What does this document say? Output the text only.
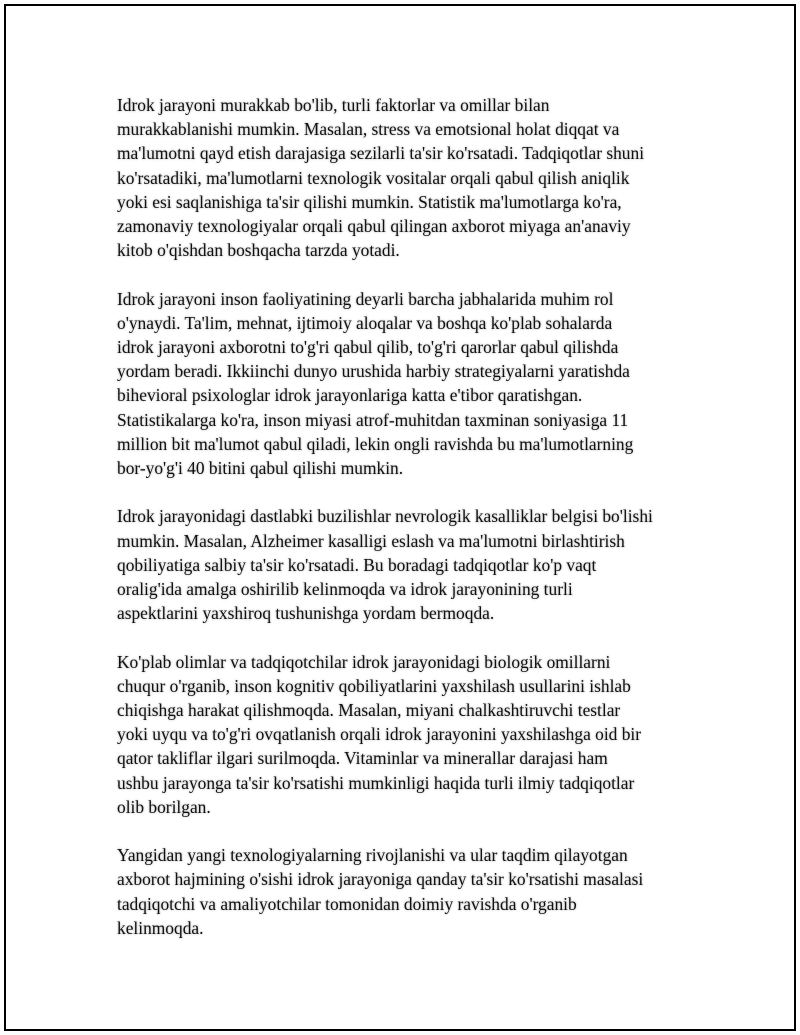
Idrok jarayoni murakkab bo'lib, turli faktorlar va omillar bilan
murakkablanishi mumkin. Masalan, stress va emotsional holat diqqat va
ma'lumotni qayd etish darajasiga sezilarli ta'sir ko'rsatadi. Tadqiqotlar shuni
ko'rsatadiki, ma'lumotlarni texnologik vositalar orqali qabul qilish aniqlik
yoki esi saqlanishiga ta'sir qilishi mumkin. Statistik ma'lumotlarga ko'ra,
zamonaviy texnologiyalar orqali qabul qilingan axborot miyaga an'anaviy
kitob o'qishdan boshqacha tarzda yotadi.

Idrok jarayoni inson faoliyatining deyarli barcha jabhalarida muhim rol
o'ynaydi. Ta'lim, mehnat, ijtimoiy aloqalar va boshqa ko'plab sohalarda
idrok jarayoni axborotni to'g'ri qabul qilib, to'g'ri qarorlar qabul qilishda
yordam beradi. Ikkiinchi dunyo urushida harbiy strategiyalarni yaratishda
bihevioral psixologlar idrok jarayonlariga katta e'tibor qaratishgan.
Statistikalarga ko'ra, inson miyasi atrof-muhitdan taxminan soniyasiga 11
million bit ma'lumot qabul qiladi, lekin ongli ravishda bu ma'lumotlarning
bor-yo'g'i 40 bitini qabul qilishi mumkin.

Idrok jarayonidagi dastlabki buzilishlar nevrologik kasalliklar belgisi bo'lishi
mumkin. Masalan, Alzheimer kasalligi eslash va ma'lumotni birlashtirish
qobiliyatiga salbiy ta'sir ko'rsatadi. Bu boradagi tadqiqotlar ko'p vaqt
oralig'ida amalga oshirilib kelinmoqda va idrok jarayonining turli
aspektlarini yaxshiroq tushunishga yordam bermoqda.

Ko'plab olimlar va tadqiqotchilar idrok jarayonidagi biologik omillarni
chuqur o'rganib, inson kognitiv qobiliyatlarini yaxshilash usullarini ishlab
chiqishga harakat qilishmoqda. Masalan, miyani chalkashtiruvchi testlar
yoki uyqu va to'g'ri ovqatlanish orqali idrok jarayonini yaxshilashga oid bir
qator takliflar ilgari surilmoqda. Vitaminlar va minerallar darajasi ham
ushbu jarayonga ta'sir ko'rsatishi mumkinligi haqida turli ilmiy tadqiqotlar
olib borilgan.

Yangidan yangi texnologiyalarning rivojlanishi va ular taqdim qilayotgan
axborot hajmining o'sishi idrok jarayoniga qanday ta'sir ko'rsatishi masalasi
tadqiqotchi va amaliyotchilar tomonidan doimiy ravishda o'rganib
kelinmoqda.
